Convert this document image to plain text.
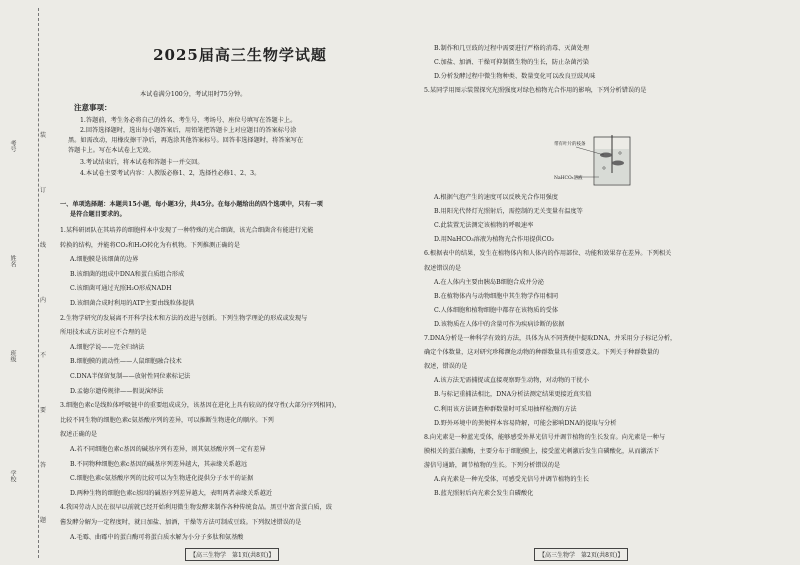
考号
姓名
班级
学校
装
订
线
内
不
要
答
题
2025届高三生物学试题
本试卷满分100分，考试用时75分钟。
注意事项：
1.答题前，考生务必将自己的姓名、考生号、考场号、座位号填写在答题卡上。
2.回答选择题时，选出每小题答案后，用铅笔把答题卡上对应题目的答案标号涂
黑。如需改动，用橡皮擦干净后，再选涂其他答案标号。回答非选择题时，将答案写在
答题卡上。写在本试卷上无效。
3.考试结束后，将本试卷和答题卡一并交回。
4.本试卷主要考试内容：人教版必修1、2，选择性必修1、2、3。
一、单项选择题：本题共15小题，每小题3分，共45分。在每小题给出的四个选项中，只有一项
是符合题目要求的。
1.某科研团队在其培养的细胞样本中发现了一种特殊的光合细菌，该光合细菌含有能进行光能
转换的结构，并能将CO₂和H₂O转化为有机物。下列推测正确的是
A.细胞膜是该细菌的边界
B.该细菌的组成中DNA和蛋白质组合形成
C.该细菌可通过光照H₂O形成NADH
D.该细菌合成时利用的ATP主要由线粒体提供
2.生物学研究的发展离不开科学技术和方法的改进与创新。下列生物学理论的形成或发现与
所用技术或方法对应不合理的是
A.细胞学说——完全归纳法
B.细胞膜的流动性——人鼠细胞融合技术
C.DNA半保留复制——放射性同位素标记法
D.孟德尔遗传规律——假说演绎法
3.细胞色素c是线粒体呼吸链中的重要组成成分，该基因在进化上具有较高的保守性(大部分序列相同)，
比较不同生物的细胞色素c氨基酸序列的差异，可以推断生物进化的顺序。下列
叙述正确的是
A.若不同细胞色素c基因的碱基序列有差异，则其氨基酸序列一定有差异
B.不同物种细胞色素c基因的碱基序列差异越大，其亲缘关系越远
C.细胞色素c氨基酸序列的比较可以为生物进化提供分子水平的证据
D.两种生物的细胞色素c基因的碱基序列差异越大，表明两者亲缘关系越近
4.我国劳动人民在很早以前就已经开始利用微生物发酵来制作各种传统食品。黑豆中富含蛋白质，豉
酱发酵分解为一定程度时，就日加盐、加酒，干燥等方法可制成豆豉。下列叙述错误的是
A.毛霉、曲霉中的蛋白酶可将蛋白质水解为小分子多肽和氨基酸
【高三生物学　第1页(共8页)】
带有叶片的枝条
NaHCO₃溶液
B.制作和几豆豉的过程中需要进行严格的消毒、灭菌处理
C.加盐、加酒、干燥可抑制微生物的生长，防止杂菌污染
D.分析发酵过程中微生物种类、数量变化可以改良豆豉风味
5.某同学用图示装置探究光照强度对绿色植物光合作用的影响，下列分析错误的是
A.根据气泡产生的速度可以反映光合作用强度
B.用阳光代替灯光照射后，需控制的无关变量有温度等
C.此装置无法测定该植物的呼吸速率
D.用NaHCO₃溶液为植物光合作用提供CO₂
6.根据表中的结果，发生在植物体内和人体内的作用部位、功能和效果存在差异。下列相关
叙述错误的是
A.在人体内主要由胰岛B细胞合成并分泌
B.在植物体内与动物细胞中其生物学作用相同
C.人体细胞和植物细胞中都存在该物质的受体
D.该物质在人体中的含量可作为疾病诊断的依据
7.DNA分析是一种科学有效的方法，具体为从不同粪便中提取DNA，并采用分子标记分析，
确定个体数量，这对研究珍稀濒危动物的种群数量具有重要意义。下列关于种群数量的
叙述，错误的是
A.该方法无需捕捉或直接观察野生动物，对动物的干扰小
B.与标记重捕法相比，DNA分析法测定结果更接近真实值
C.利用该方法调查种群数量时可采用抽样检测的方法
D.野外环境中的粪便样本容易降解，可能会影响DNA的提取与分析
8.向光素是一种蓝光受体，能够感受外界光信号并调节植物的生长发育。向光素是一种与
膜相关的蛋白激酶，主要分布于细胞膜上，接受蓝光刺激后发生自磷酸化，从而激活下
游信号通路，调节植物的生长。下列分析错误的是
A.向光素是一种光受体，可感受光信号并调节植物的生长
B.蓝光照射后向光素会发生自磷酸化
【高三生物学　第2页(共8页)】
